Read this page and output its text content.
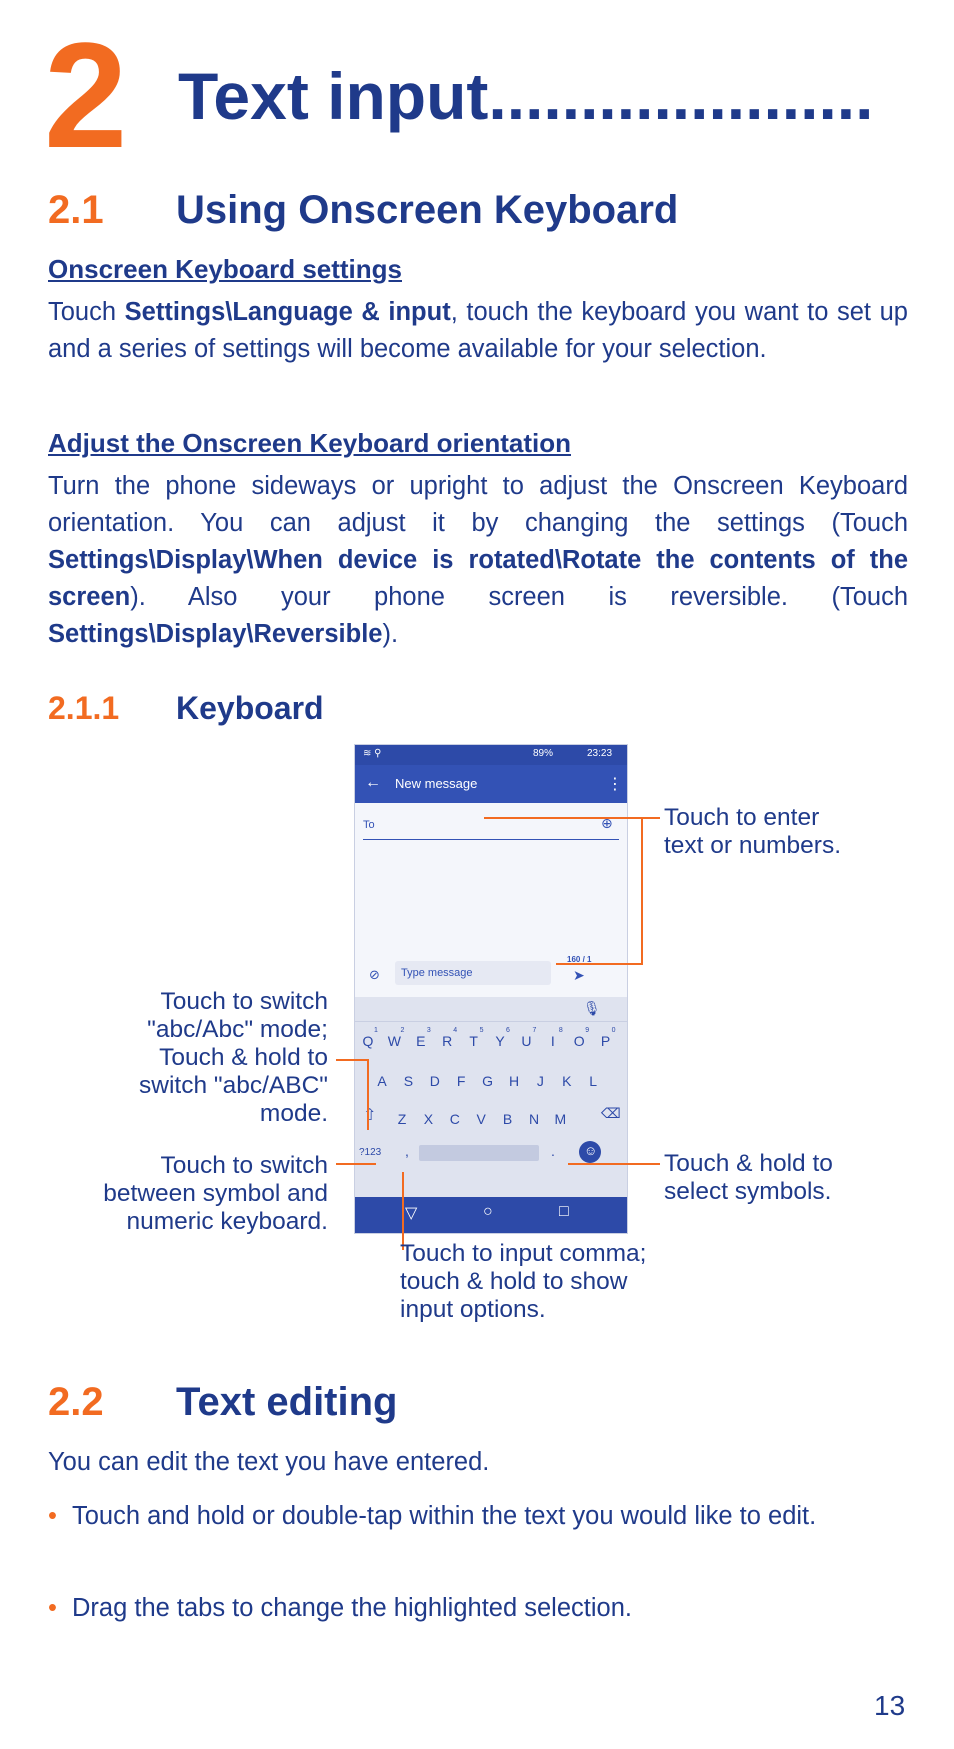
2 Text input.....................
2.1 Using Onscreen Keyboard
Onscreen Keyboard settings
Touch Settings\Language & input, touch the keyboard you want to set up and a series of settings will become available for your selection.
Adjust the Onscreen Keyboard orientation
Turn the phone sideways or upright to adjust the Onscreen Keyboard orientation. You can adjust it by changing the settings (Touch Settings\Display\When device is rotated\Rotate the contents of the screen). Also your phone screen is reversible. (Touch Settings\Display\Reversible).
2.1.1 Keyboard
≋ ⚲	89%	23:23
← New message	⋮
To	⊕
⊘ Type message
160 / 1
➤
🎙
Q
1
W
2
E
3
R
4
T
5
Y
6
U
7
I
8
O
9
P
0
A	S	D	F	G	H	J	K	L
Z	X	C	V	B	N	M
⇧	⌫
?123 ,	. ☺
▽	○	□
Touch to enter
text or numbers.
Touch to switch
"abc/Abc" mode;
Touch & hold to
switch "abc/ABC"
mode.
Touch to switch
between symbol and
numeric keyboard.
Touch & hold to
select symbols.
Touch to input comma;
touch & hold to show
input options.
2.2 Text editing
You can edit the text you have entered.
• Touch and hold or double-tap within the text you would like to edit.
• Drag the tabs to change the highlighted selection.
13
